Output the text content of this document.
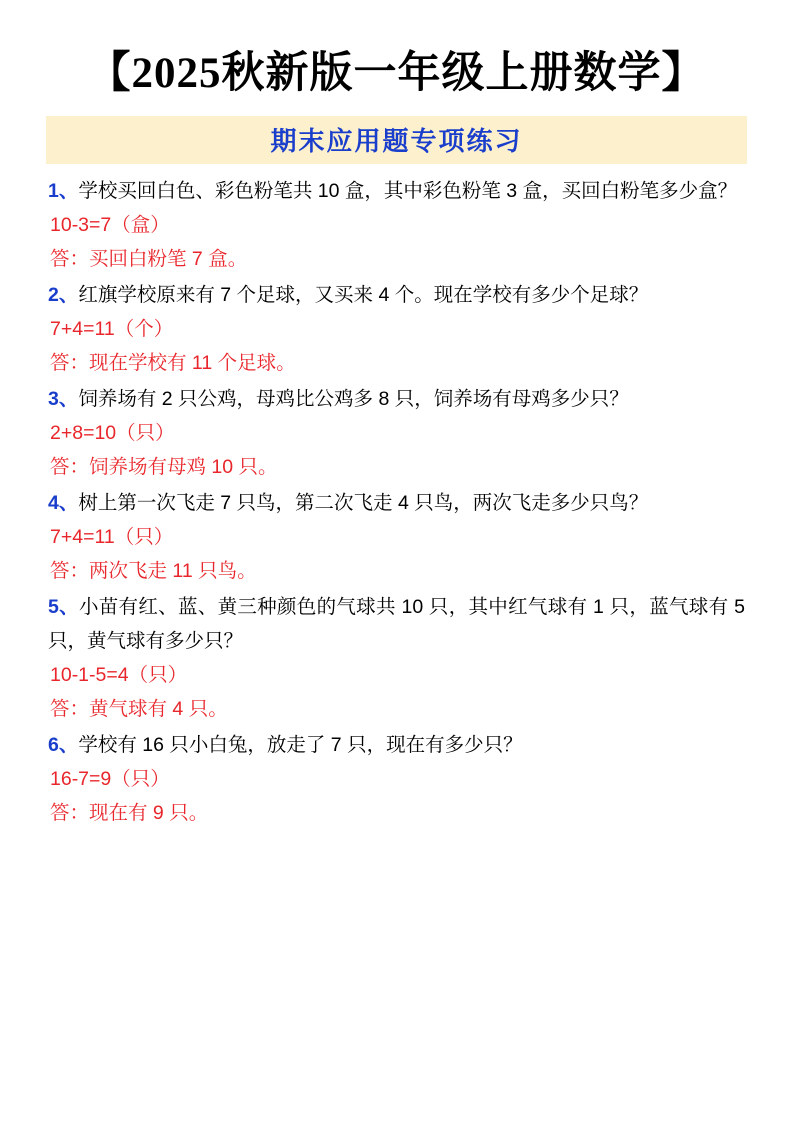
【2025秋新版一年级上册数学】
期末应用题专项练习
1、学校买回白色、彩色粉笔共 10 盒，其中彩色粉笔 3 盒，买回白粉笔多少盒？
10-3=7（盒）
答：买回白粉笔 7 盒。
2、红旗学校原来有 7 个足球，又买来 4 个。现在学校有多少个足球？
7+4=11（个）
答：现在学校有 11 个足球。
3、饲养场有 2 只公鸡，母鸡比公鸡多 8 只，饲养场有母鸡多少只？
2+8=10（只）
答：饲养场有母鸡 10 只。
4、树上第一次飞走 7 只鸟，第二次飞走 4 只鸟，两次飞走多少只鸟？
7+4=11（只）
答：两次飞走 11 只鸟。
5、小苗有红、蓝、黄三种颜色的气球共 10 只，其中红气球有 1 只，蓝气球有 5 只，黄气球有多少只？
10-1-5=4（只）
答：黄气球有 4 只。
6、学校有 16 只小白兔，放走了 7 只，现在有多少只？
16-7=9（只）
答：现在有 9 只。
